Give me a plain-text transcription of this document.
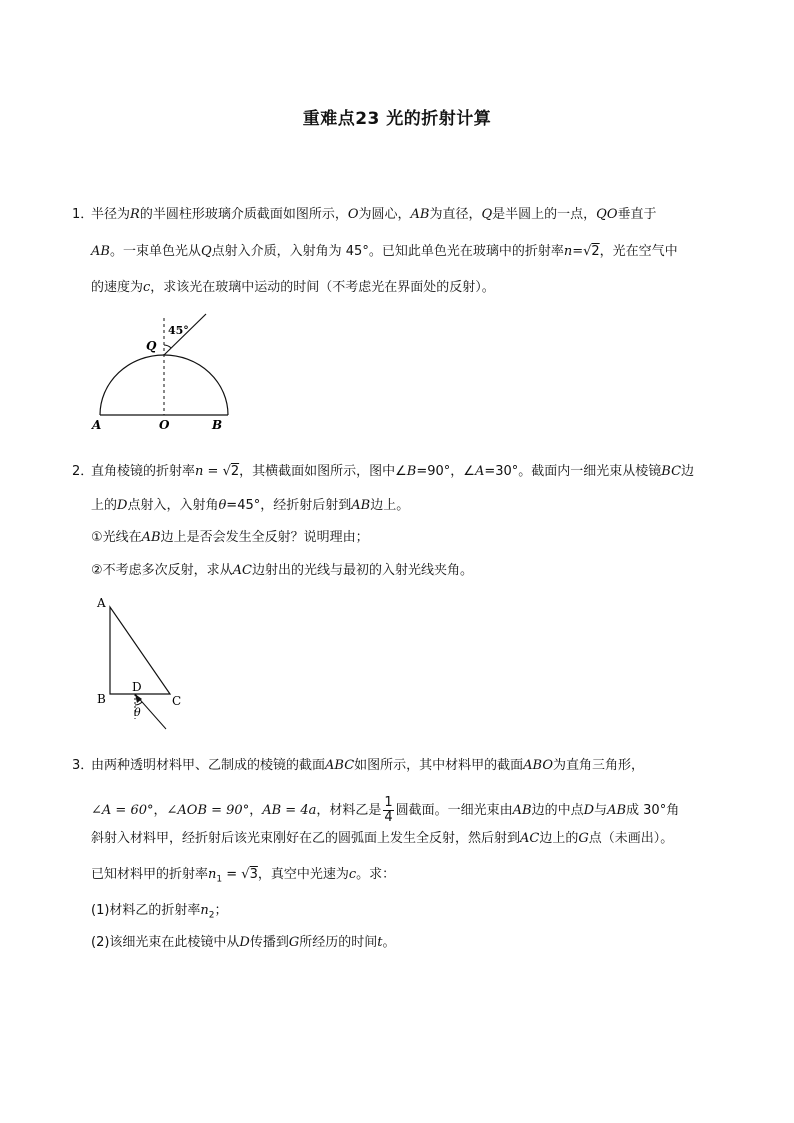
重难点23 光的折射计算
1．
半径为R的半圆柱形玻璃介质截面如图所示，O为圆心，AB为直径，Q是半圆上的一点，QO垂直于
AB。一束单色光从Q点射入介质，入射角为 45°。已知此单色光在玻璃中的折射率n=√2，光在空气中
的速度为c，求该光在玻璃中运动的时间（不考虑光在界面处的反射）。
45°
Q
A	O	B
2．
直角棱镜的折射率n = √2，其横截面如图所示，图中∠B=90°，∠A=30°。截面内一细光束从棱镜BC边
上的D点射入，入射角θ=45°，经折射后射到AB边上。
①光线在AB边上是否会发生全反射？说明理由；
②不考虑多次反射，求从AC边射出的光线与最初的入射光线夹角。
A
B	C
D
θ
3．
由两种透明材料甲、乙制成的棱镜的截面ABC如图所示，其中材料甲的截面ABO为直角三角形，
∠A = 60°，∠AOB = 90°，AB = 4a，材料乙是 $\frac{1}{4}$ 圆截面。一细光束由AB边的中点D与AB成 30°角
斜射入材料甲，经折射后该光束刚好在乙的圆弧面上发生全反射，然后射到AC边上的G点（未画出）。
已知材料甲的折射率$n_1 = √3$，真空中光速为c。求：
(1)材料乙的折射率$n_2$；
(2)该细光束在此棱镜中从D传播到G所经历的时间t。
